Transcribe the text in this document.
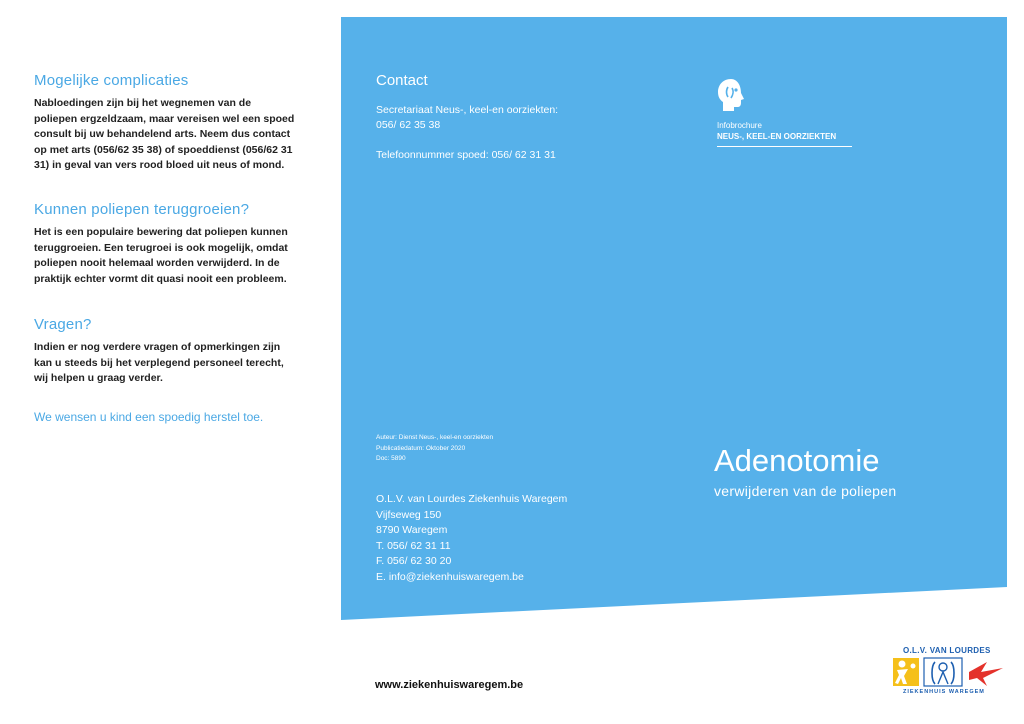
Mogelijke complicaties

Nabloedingen zijn bij het wegnemen van de poliepen ergzeldzaam, maar vereisen wel een spoed consult bij uw behandelend arts. Neem dus contact op met arts (056/62 35 38) of spoeddienst (056/62 31 31) in geval van vers rood bloed uit neus of mond.

Kunnen poliepen teruggroeien?

Het is een populaire bewering dat poliepen kunnen teruggroeien. Een terugroei is ook mogelijk, omdat poliepen nooit helemaal worden verwijderd. In de praktijk echter vormt dit quasi nooit een probleem.

Vragen?

Indien er nog verdere vragen of opmerkingen zijn kan u steeds bij het verplegend personeel terecht, wij helpen u graag verder.

We wensen u kind een spoedig herstel toe.
Contact

Secretariaat Neus-, keel-en oorziekten:

056/ 62 35 38

Telefoonnummer spoed: 056/ 62 31 31

Infobrochure
NEUS-, KEEL-EN OORZIEKTEN
Auteur: Dienst Neus-, keel-en oorziekten
Publicatiedatum: Oktober 2020
Doc: 5890
O.L.V. van Lourdes Ziekenhuis Waregem
Vijfseweg 150
8790 Waregem
T. 056/ 62 31 11
F. 056/ 62 30 20
E. info@ziekenhuiswaregem.be
Adenotomie
verwijderen van de poliepen
www.ziekenhuiswaregem.be
O.L.V. VAN LOURDES
ZIEKENHUIS WAREGEM
